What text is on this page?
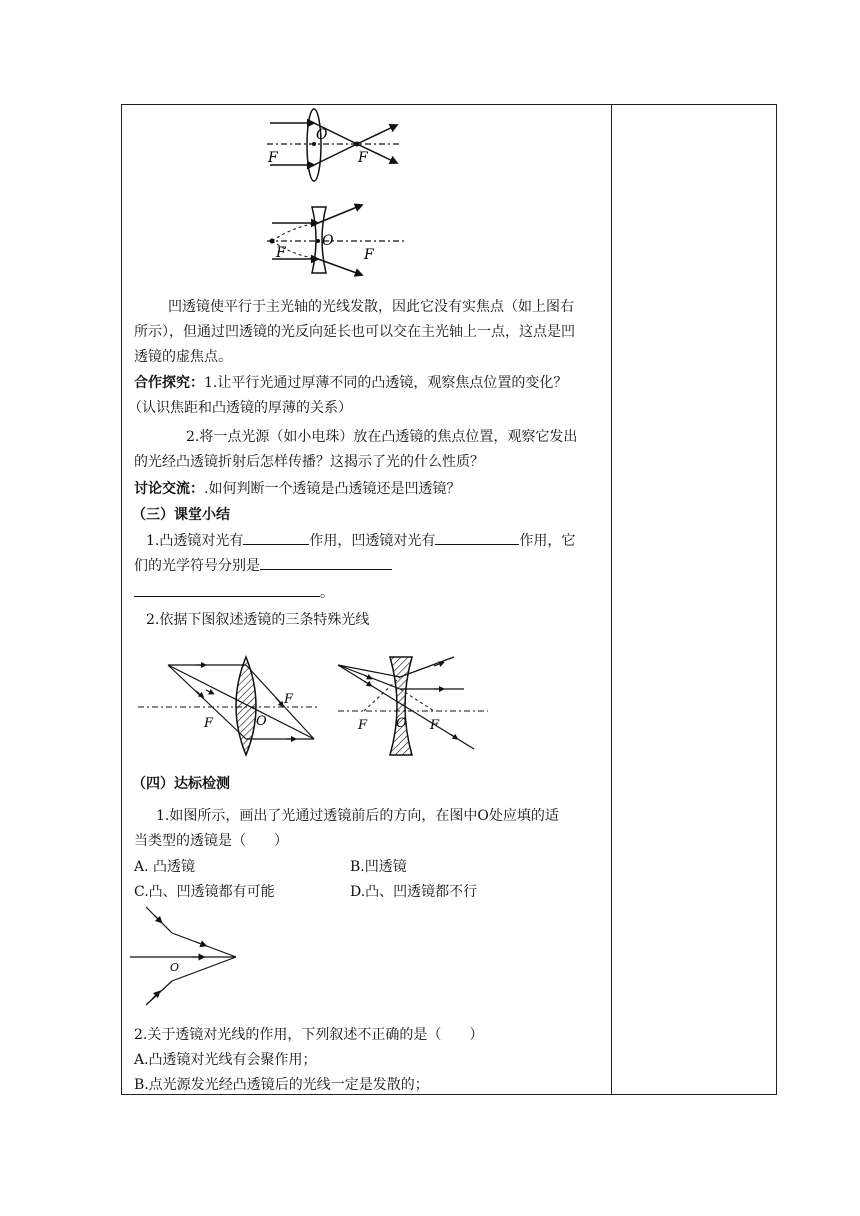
F
O
F
F
O
F
凹透镜使平行于主光轴的光线发散，因此它没有实焦点（如上图右
所示），但通过凹透镜的光反向延长也可以交在主光轴上一点，这点是凹
透镜的虚焦点。
合作探究：1.让平行光通过厚薄不同的凸透镜，观察焦点位置的变化？
（认识焦距和凸透镜的厚薄的关系）
2.将一点光源（如小电珠）放在凸透镜的焦点位置，观察它发出
的光经凸透镜折射后怎样传播？这揭示了光的什么性质？
讨论交流：.如何判断一个透镜是凸透镜还是凹透镜？
（三）课堂小结
1.凸透镜对光有	作用，凹透镜对光有	作用，它
们的光学符号分别是
。
2.依据下图叙述透镜的三条特殊光线
F
F	O	F O F
（四）达标检测
1.如图所示，画出了光通过透镜前后的方向，在图中O处应填的适
当类型的透镜是（　　）
A. 凸透镜	B.凹透镜
C.凸、凹透镜都有可能	D.凸、凹透镜都不行
O
2.关于透镜对光线的作用，下列叙述不正确的是（　　）
A.凸透镜对光线有会聚作用；
B.点光源发光经凸透镜后的光线一定是发散的；
